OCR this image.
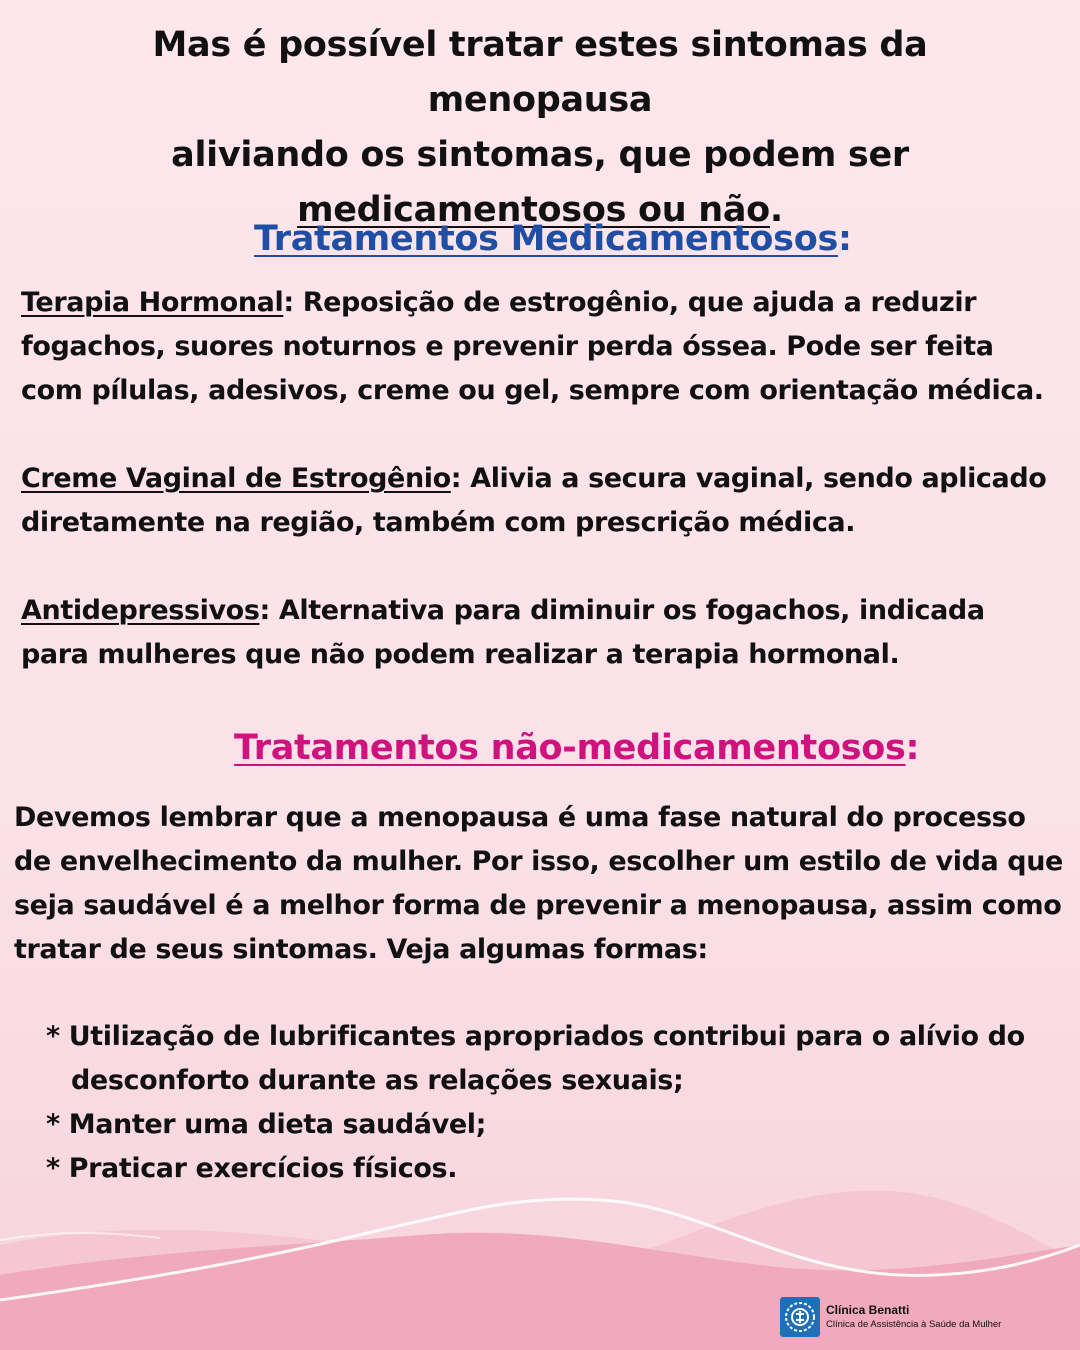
Mas é possível tratar estes sintomas da menopausa
aliviando os sintomas, que podem ser
medicamentosos ou não.
Tratamentos Medicamentosos:
Terapia Hormonal: Reposição de estrogênio, que ajuda a reduzir fogachos, suores noturnos e prevenir perda óssea. Pode ser feita com pílulas, adesivos, creme ou gel, sempre com orientação médica.
Creme Vaginal de Estrogênio: Alivia a secura vaginal, sendo aplicado diretamente na região, também com prescrição médica.
Antidepressivos: Alternativa para diminuir os fogachos, indicada para mulheres que não podem realizar a terapia hormonal.
Tratamentos não-medicamentosos:
Devemos lembrar que a menopausa é uma fase natural do processo de envelhecimento da mulher. Por isso, escolher um estilo de vida que seja saudável é a melhor forma de prevenir a menopausa, assim como tratar de seus sintomas. Veja algumas formas:
* Utilização de lubrificantes apropriados contribui para o alívio do desconforto durante as relações sexuais;
* Manter uma dieta saudável;
* Praticar exercícios físicos.
Clínica Benatti
Clínica de Assistência à Saúde da Mulher
